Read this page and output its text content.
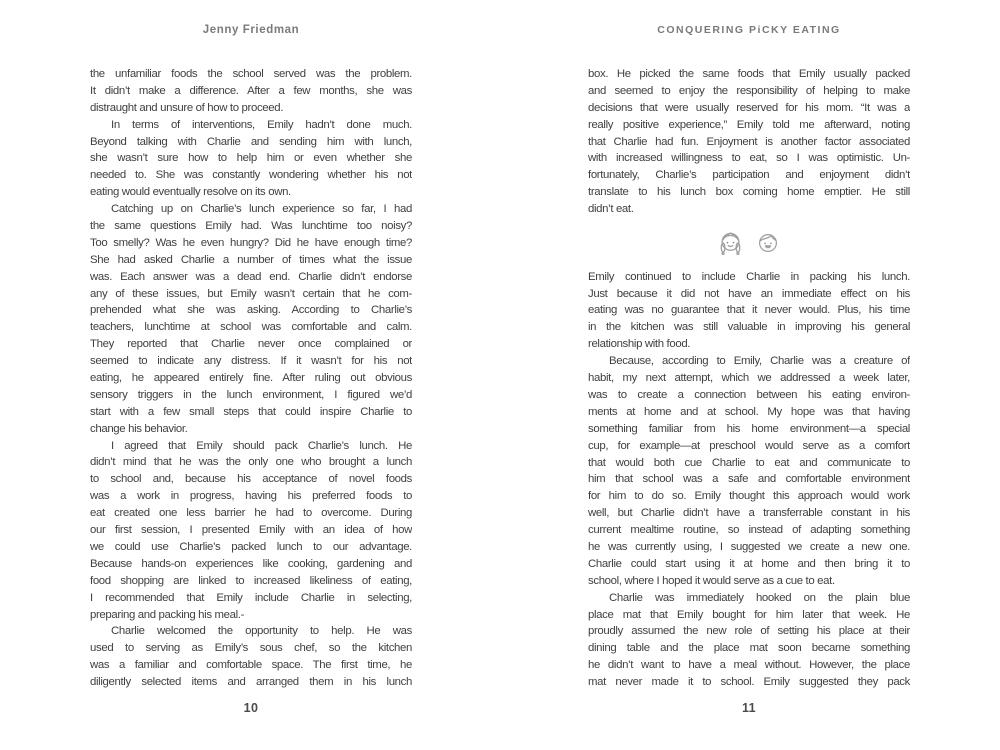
Jenny Friedman
the unfamiliar foods the school served was the problem.
It didn’t make a difference. After a few months, she was
distraught and unsure of how to proceed.
In terms of interventions, Emily hadn’t done much.
Beyond talking with Charlie and sending him with lunch,
she wasn’t sure how to help him or even whether she
needed to. She was constantly wondering whether his not
eating would eventually resolve on its own.
Catching up on Charlie’s lunch experience so far, I had
the same questions Emily had. Was lunchtime too noisy?
Too smelly? Was he even hungry? Did he have enough time?
She had asked Charlie a number of times what the issue
was. Each answer was a dead end. Charlie didn’t endorse
any of these issues, but Emily wasn’t certain that he com-
prehended what she was asking. According to Charlie’s
teachers, lunchtime at school was comfortable and calm.
They reported that Charlie never once complained or
seemed to indicate any distress. If it wasn’t for his not
eating, he appeared entirely fine. After ruling out obvious
sensory triggers in the lunch environment, I figured we’d
start with a few small steps that could inspire Charlie to
change his behavior.
I agreed that Emily should pack Charlie’s lunch. He
didn’t mind that he was the only one who brought a lunch
to school and, because his acceptance of novel foods
was a work in progress, having his preferred foods to
eat created one less barrier he had to overcome. During
our first session, I presented Emily with an idea of how
we could use Charlie’s packed lunch to our advantage.
Because hands-on experiences like cooking, gardening and
food shopping are linked to increased likeliness of eating,
I recommended that Emily include Charlie in selecting,
preparing and packing his meal.-
Charlie welcomed the opportunity to help. He was
used to serving as Emily’s sous chef, so the kitchen
was a familiar and comfortable space. The first time, he
diligently selected items and arranged them in his lunch
10
CONQUERING PiCKY EATING
box. He picked the same foods that Emily usually packed
and seemed to enjoy the responsibility of helping to make
decisions that were usually reserved for his mom. “It was a
really positive experience,” Emily told me afterward, noting
that Charlie had fun. Enjoyment is another factor associated
with increased willingness to eat, so I was optimistic. Un-
fortunately, Charlie’s participation and enjoyment didn’t
translate to his lunch box coming home emptier. He still
didn’t eat.
Emily continued to include Charlie in packing his lunch.
Just because it did not have an immediate effect on his
eating was no guarantee that it never would. Plus, his time
in the kitchen was still valuable in improving his general
relationship with food.
Because, according to Emily, Charlie was a creature of
habit, my next attempt, which we addressed a week later,
was to create a connection between his eating environ-
ments at home and at school. My hope was that having
something familiar from his home environment—a special
cup, for example—at preschool would serve as a comfort
that would both cue Charlie to eat and communicate to
him that school was a safe and comfortable environment
for him to do so. Emily thought this approach would work
well, but Charlie didn’t have a transferrable constant in his
current mealtime routine, so instead of adapting something
he was currently using, I suggested we create a new one.
Charlie could start using it at home and then bring it to
school, where I hoped it would serve as a cue to eat.
Charlie was immediately hooked on the plain blue
place mat that Emily bought for him later that week. He
proudly assumed the new role of setting his place at their
dining table and the place mat soon became something
he didn’t want to have a meal without. However, the place
mat never made it to school. Emily suggested they pack
11
